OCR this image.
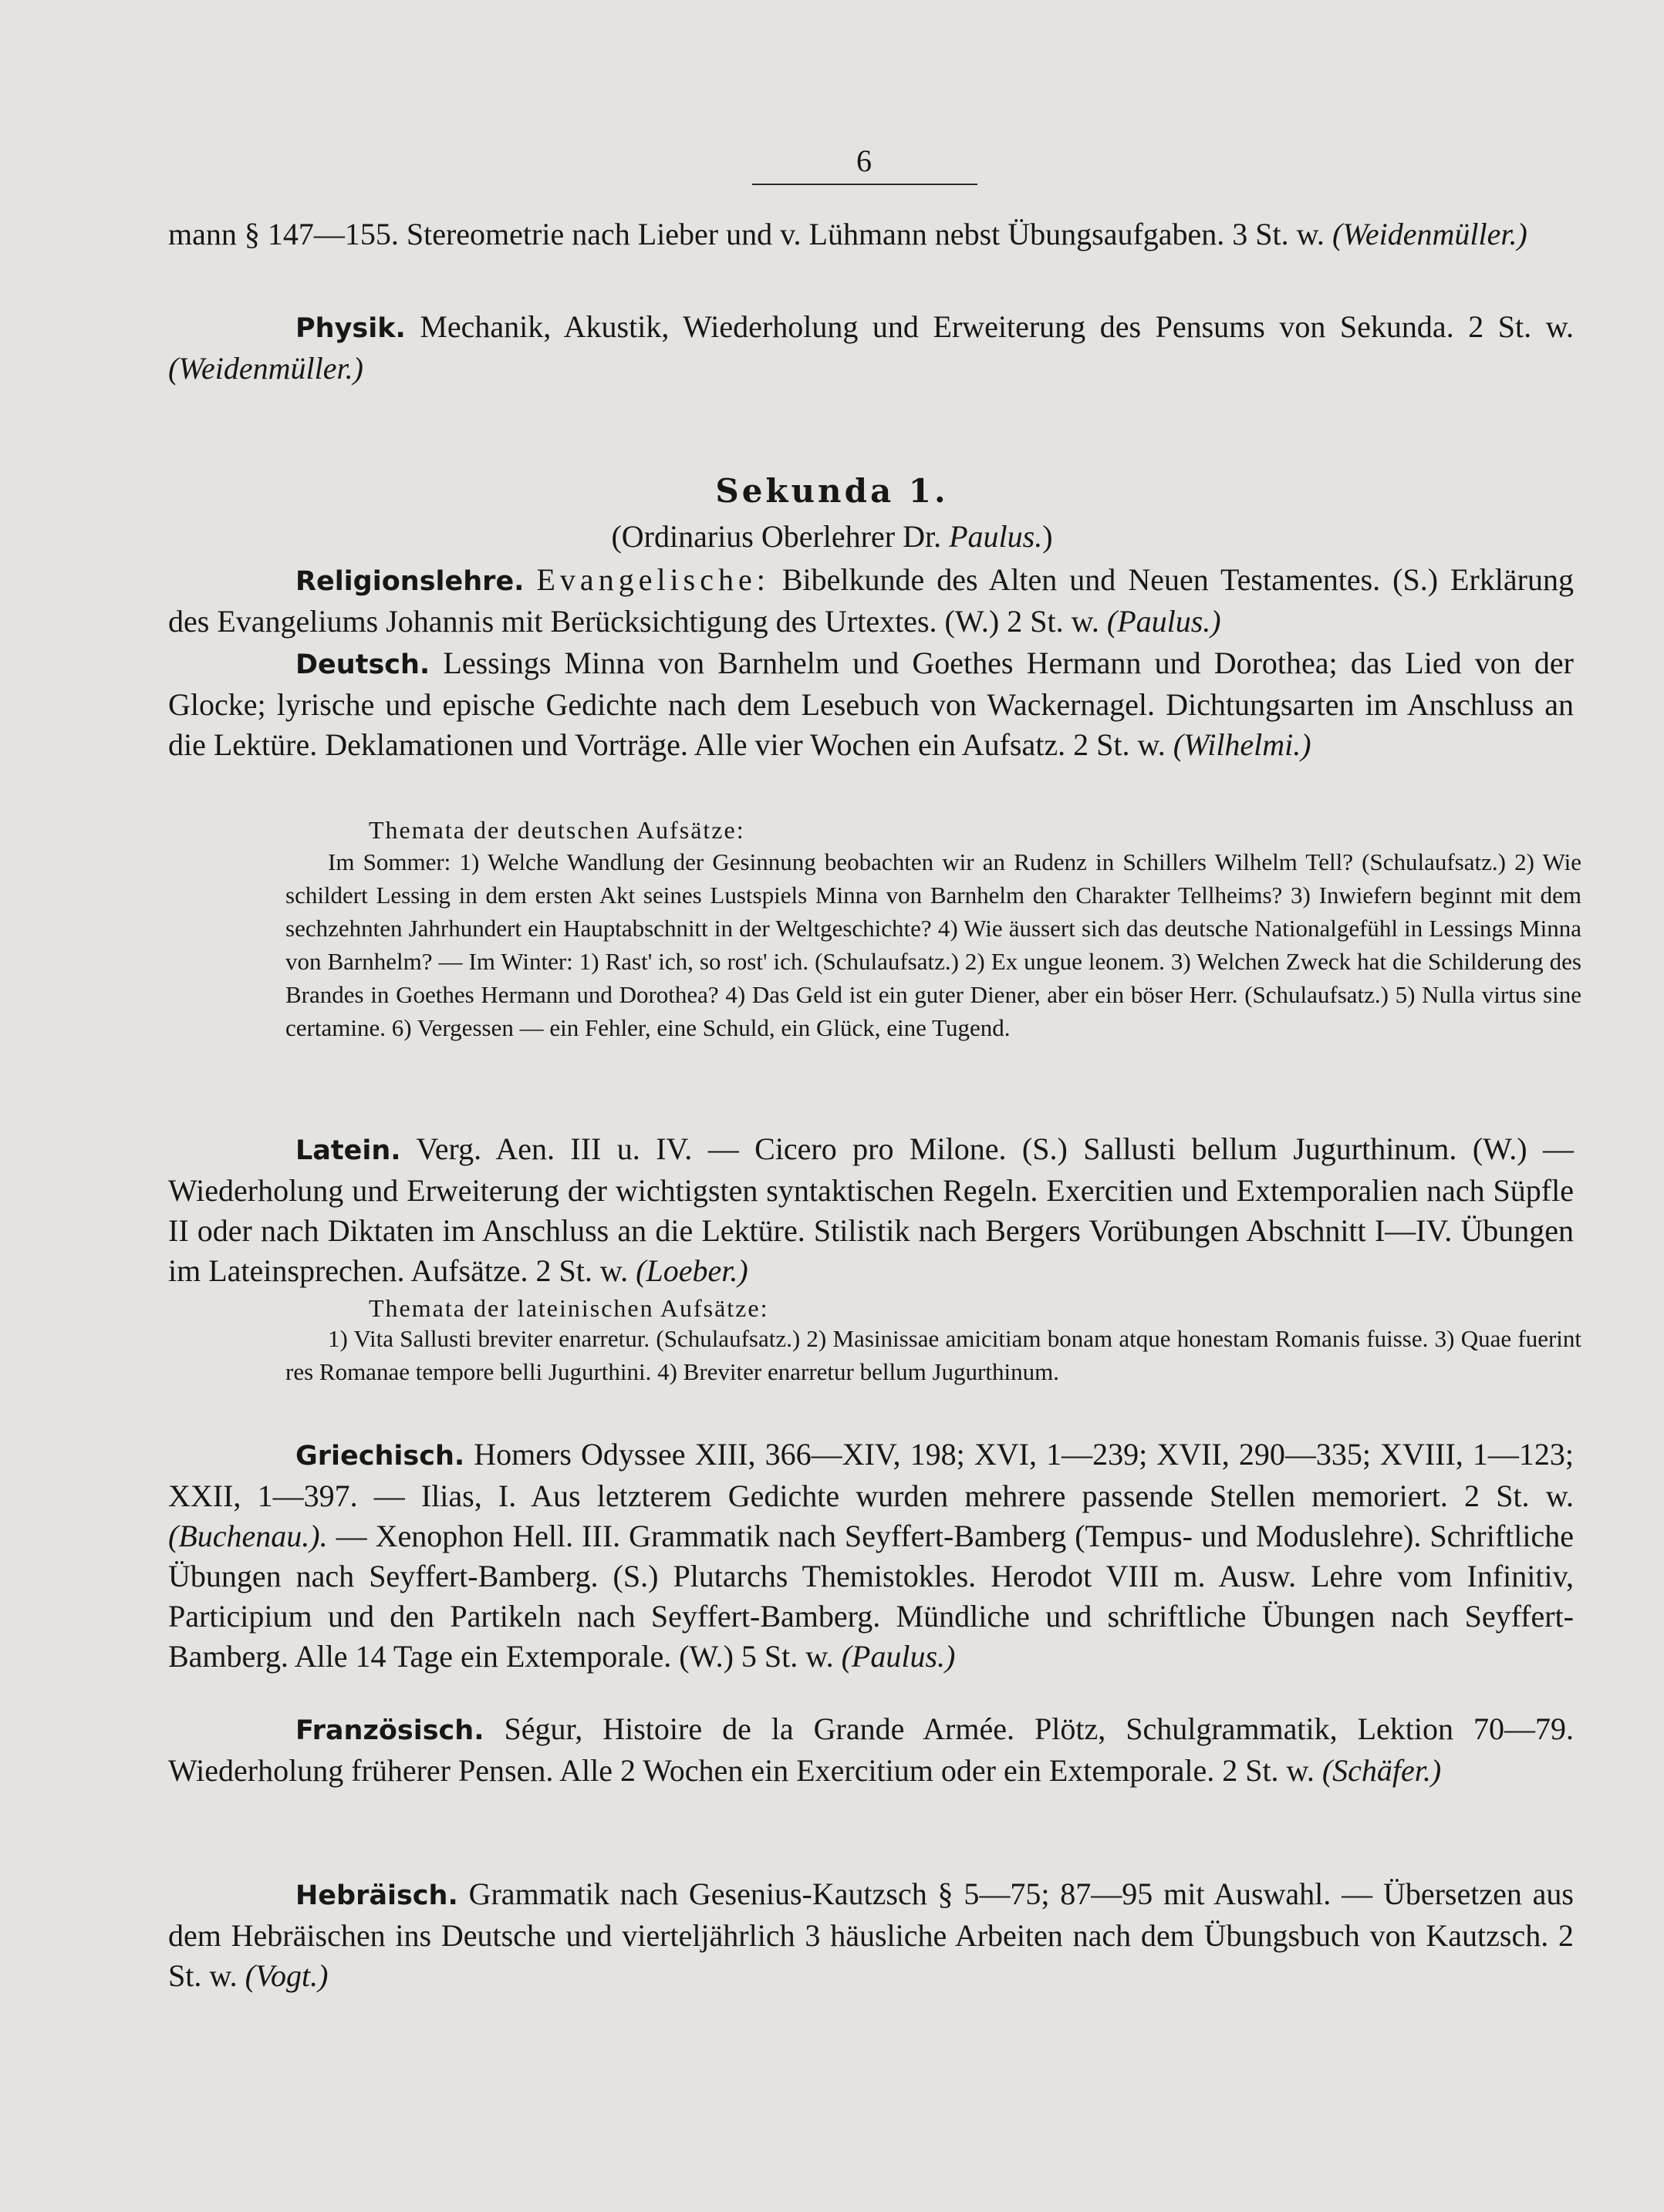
6

mann § 147—155. Stereometrie nach Lieber und v. Lühmann nebst Übungsaufgaben. 3 St. w. (Weidenmüller.)

Physik. Mechanik, Akustik, Wiederholung und Erweiterung des Pensums von Sekunda. 2 St. w. (Weidenmüller.)

Sekunda 1.
(Ordinarius Oberlehrer Dr. Paulus.)

Religionslehre. Evangelische: Bibelkunde des Alten und Neuen Testamentes. (S.) Erklärung des Evangeliums Johannis mit Berücksichtigung des Urtextes. (W.) 2 St. w. (Paulus.)

Deutsch. Lessings Minna von Barnhelm und Goethes Hermann und Dorothea; das Lied von der Glocke; lyrische und epische Gedichte nach dem Lesebuch von Wackernagel. Dichtungsarten im Anschluss an die Lektüre. Deklamationen und Vorträge. Alle vier Wochen ein Aufsatz. 2 St. w. (Wilhelmi.)

Themata der deutschen Aufsätze:

Im Sommer: 1) Welche Wandlung der Gesinnung beobachten wir an Rudenz in Schillers Wilhelm Tell? (Schulaufsatz.) 2) Wie schildert Lessing in dem ersten Akt seines Lustspiels Minna von Barnhelm den Charakter Tellheims? 3) Inwiefern beginnt mit dem sechzehnten Jahrhundert ein Hauptabschnitt in der Weltgeschichte? 4) Wie äussert sich das deutsche Nationalgefühl in Lessings Minna von Barnhelm? — Im Winter: 1) Rast' ich, so rost' ich. (Schulaufsatz.) 2) Ex ungue leonem. 3) Welchen Zweck hat die Schilderung des Brandes in Goethes Hermann und Dorothea? 4) Das Geld ist ein guter Diener, aber ein böser Herr. (Schulaufsatz.) 5) Nulla virtus sine certamine. 6) Vergessen — ein Fehler, eine Schuld, ein Glück, eine Tugend.

Latein. Verg. Aen. III u. IV. — Cicero pro Milone. (S.) Sallusti bellum Jugurthinum. (W.) — Wiederholung und Erweiterung der wichtigsten syntaktischen Regeln. Exercitien und Extemporalien nach Süpfle II oder nach Diktaten im Anschluss an die Lektüre. Stilistik nach Bergers Vorübungen Abschnitt I—IV. Übungen im Lateinsprechen. Aufsätze. 2 St. w. (Loeber.)

Themata der lateinischen Aufsätze:

1) Vita Sallusti breviter enarretur. (Schulaufsatz.) 2) Masinissae amicitiam bonam atque honestam Romanis fuisse. 3) Quae fuerint res Romanae tempore belli Jugurthini. 4) Breviter enarretur bellum Jugurthinum.

Griechisch. Homers Odyssee XIII, 366—XIV, 198; XVI, 1—239; XVII, 290—335; XVIII, 1—123; XXII, 1—397. — Ilias, I. Aus letzterem Gedichte wurden mehrere passende Stellen memoriert. 2 St. w. (Buchenau.). — Xenophon Hell. III. Grammatik nach Seyffert-Bamberg (Tempus- und Moduslehre). Schriftliche Übungen nach Seyffert-Bamberg. (S.) Plutarchs Themistokles. Herodot VIII m. Ausw. Lehre vom Infinitiv, Participium und den Partikeln nach Seyffert-Bamberg. Mündliche und schriftliche Übungen nach Seyffert-Bamberg. Alle 14 Tage ein Extemporale. (W.) 5 St. w. (Paulus.)

Französisch. Ségur, Histoire de la Grande Armée. Plötz, Schulgrammatik, Lektion 70—79. Wiederholung früherer Pensen. Alle 2 Wochen ein Exercitium oder ein Extemporale. 2 St. w. (Schäfer.)

Hebräisch. Grammatik nach Gesenius-Kautzsch § 5—75; 87—95 mit Auswahl. — Übersetzen aus dem Hebräischen ins Deutsche und vierteljährlich 3 häusliche Arbeiten nach dem Übungsbuch von Kautzsch. 2 St. w. (Vogt.)
